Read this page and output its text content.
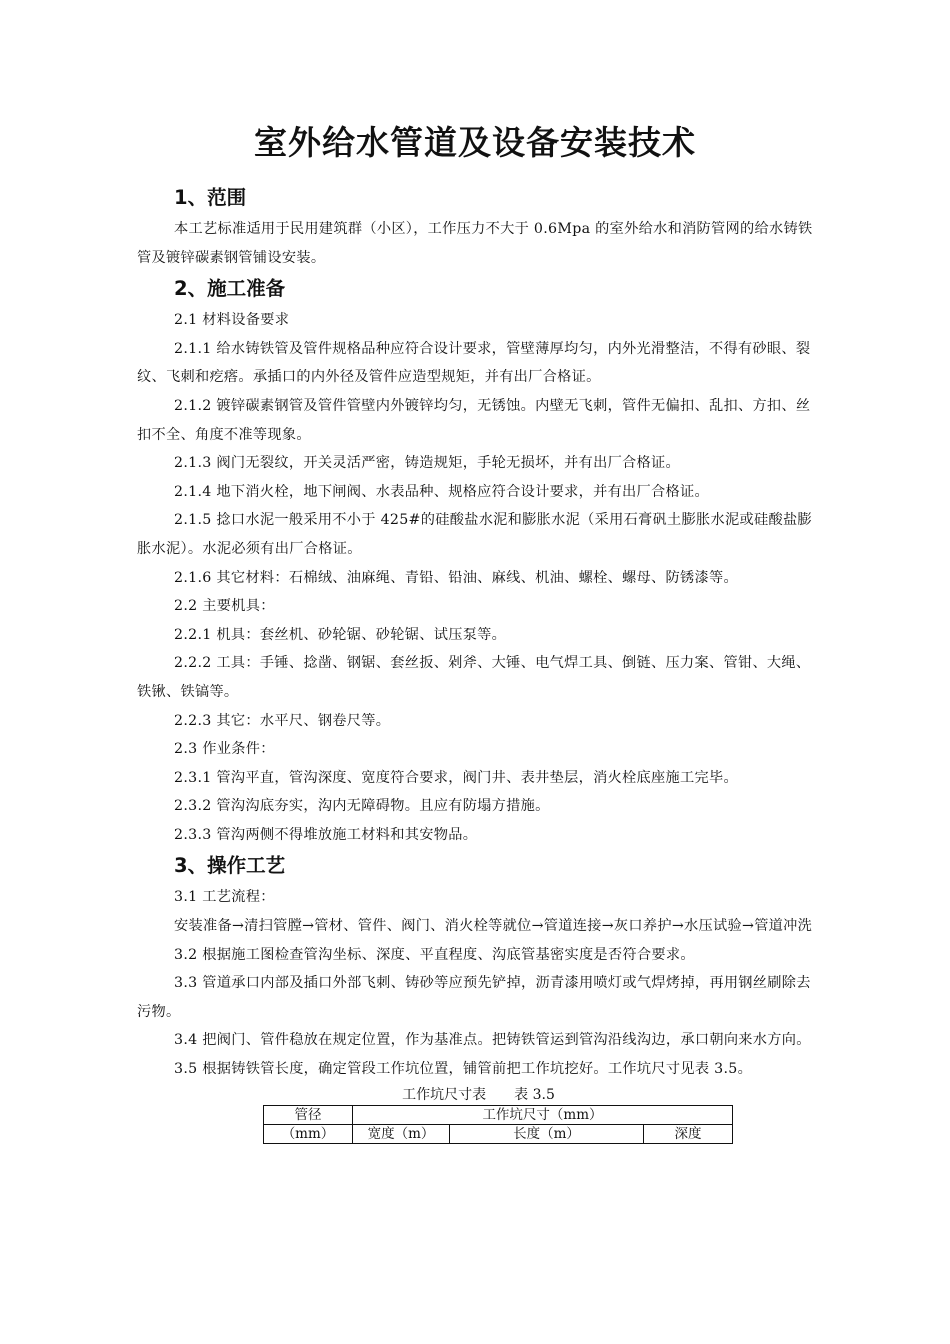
室外给水管道及设备安装技术
1、范围

本工艺标准适用于民用建筑群（小区），工作压力不大于 0.6Mpa 的室外给水和消防管网的给水铸铁管及镀锌碳素钢管铺设安装。

2、施工准备

2.1 材料设备要求

2.1.1 给水铸铁管及管件规格品种应符合设计要求，管壁薄厚均匀，内外光滑整洁，不得有砂眼、裂纹、飞刺和疙瘩。承插口的内外径及管件应造型规矩，并有出厂合格证。

2.1.2 镀锌碳素钢管及管件管壁内外镀锌均匀，无锈蚀。内壁无飞刺，管件无偏扣、乱扣、方扣、丝扣不全、角度不准等现象。

2.1.3 阀门无裂纹，开关灵活严密，铸造规矩，手轮无损坏，并有出厂合格证。

2.1.4 地下消火栓，地下闸阀、水表品种、规格应符合设计要求，并有出厂合格证。

2.1.5 捻口水泥一般采用不小于 425#的硅酸盐水泥和膨胀水泥（采用石膏矾土膨胀水泥或硅酸盐膨胀水泥）。水泥必须有出厂合格证。

2.1.6 其它材料：石棉绒、油麻绳、青铅、铅油、麻线、机油、螺栓、螺母、防锈漆等。

2.2 主要机具：

2.2.1 机具：套丝机、砂轮锯、砂轮锯、试压泵等。

2.2.2 工具：手锤、捻凿、钢锯、套丝扳、剁斧、大锤、电气焊工具、倒链、压力案、管钳、大绳、铁锹、铁镐等。

2.2.3 其它：水平尺、钢卷尺等。

2.3 作业条件：

2.3.1 管沟平直，管沟深度、宽度符合要求，阀门井、表井垫层，消火栓底座施工完毕。

2.3.2 管沟沟底夯实，沟内无障碍物。且应有防塌方措施。

2.3.3 管沟两侧不得堆放施工材料和其安物品。

3、操作工艺

3.1 工艺流程：

安装准备→清扫管膛→管材、管件、阀门、消火栓等就位→管道连接→灰口养护→水压试验→管道冲洗

3.2 根据施工图检查管沟坐标、深度、平直程度、沟底管基密实度是否符合要求。

3.3 管道承口内部及插口外部飞刺、铸砂等应预先铲掉，沥青漆用喷灯或气焊烤掉，再用钢丝刷除去污物。

3.4 把阀门、管件稳放在规定位置，作为基准点。把铸铁管运到管沟沿线沟边，承口朝向来水方向。

3.5 根据铸铁管长度，确定管段工作坑位置，铺管前把工作坑挖好。工作坑尺寸见表 3.5。

工作坑尺寸表　　表 3.5
管径	工作坑尺寸（mm）		
（mm）	宽度（m）	长度（m）	深度
